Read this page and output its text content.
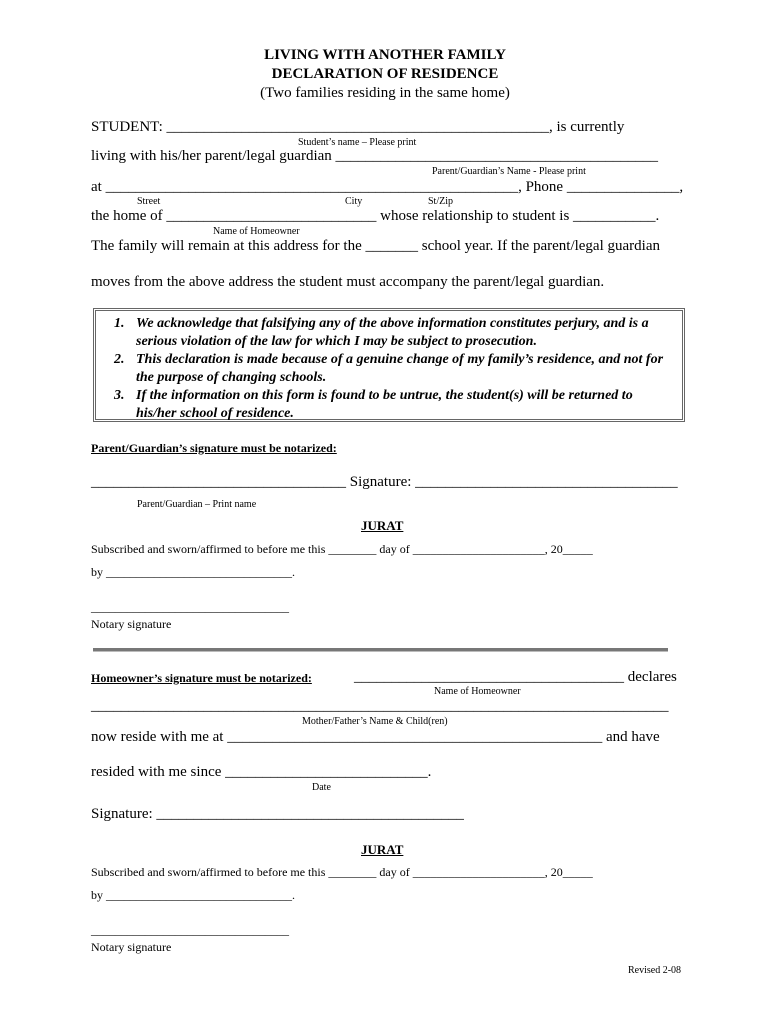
LIVING WITH ANOTHER FAMILY
DECLARATION OF RESIDENCE
(Two families residing in the same home)
STUDENT: ___________________________________________________, is currently
Student’s name – Please print
living with his/her parent/legal guardian ___________________________________________
Parent/Guardian’s Name - Please print
at _______________________________________________________, Phone _______________,
Street	City	St/Zip
the home of ____________________________ whose relationship to student is ___________.
Name of Homeowner
The family will remain at this address for the _______ school year. If the parent/legal guardian
moves from the above address the student must accompany the parent/legal guardian.
1. We acknowledge that falsifying any of the above information constitutes perjury, and is a serious violation of the law for which I may be subject to prosecution.
2. This declaration is made because of a genuine change of my family’s residence, and not for the purpose of changing schools.
3. If the information on this form is found to be untrue, the student(s) will be returned to his/her school of residence.
Parent/Guardian’s signature must be notarized:
__________________________________ Signature: ___________________________________
Parent/Guardian – Print name
JURAT
Subscribed and sworn/affirmed to before me this ________ day of ______________________, 20_____
by _______________________________.
_________________________________
Notary signature
Homeowner’s signature must be notarized:	____________________________________ declares
Name of Homeowner
_____________________________________________________________________________
Mother/Father’s Name & Child(ren)
now reside with me at __________________________________________________ and have
resided with me since ___________________________.
Date
Signature: _________________________________________
JURAT
Subscribed and sworn/affirmed to before me this ________ day of ______________________, 20_____
by _______________________________.
_________________________________
Notary signature
Revised 2-08
